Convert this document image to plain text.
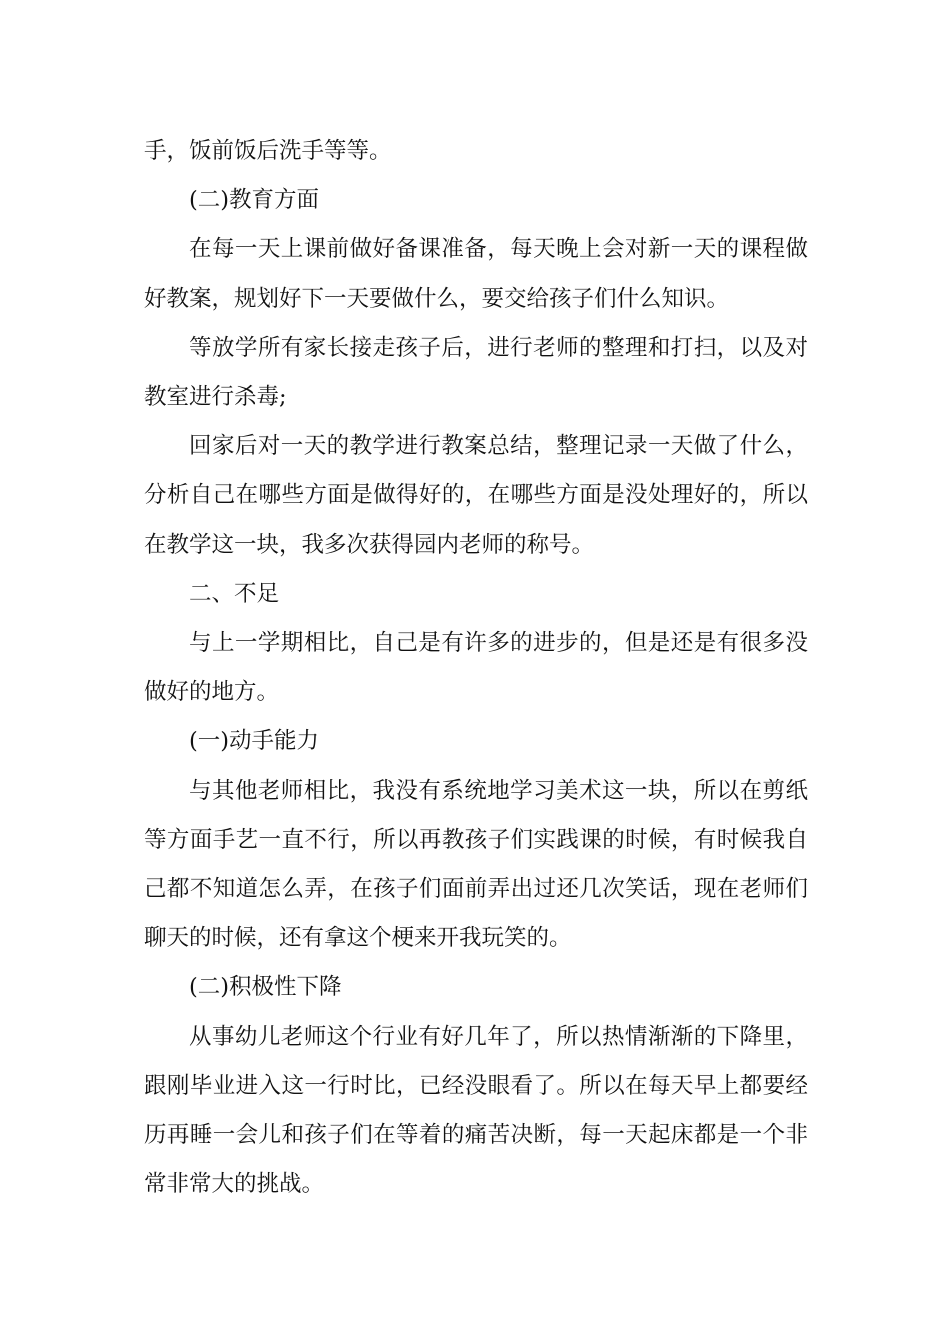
手，饭前饭后洗手等等。

(二)教育方面

在每一天上课前做好备课准备，每天晚上会对新一天的课程做好教案，规划好下一天要做什么，要交给孩子们什么知识。

等放学所有家长接走孩子后，进行老师的整理和打扫，以及对教室进行杀毒;

回家后对一天的教学进行教案总结，整理记录一天做了什么，分析自己在哪些方面是做得好的，在哪些方面是没处理好的，所以在教学这一块，我多次获得园内老师的称号。

二、不足

与上一学期相比，自己是有许多的进步的，但是还是有很多没做好的地方。

(一)动手能力

与其他老师相比，我没有系统地学习美术这一块，所以在剪纸等方面手艺一直不行，所以再教孩子们实践课的时候，有时候我自己都不知道怎么弄，在孩子们面前弄出过还几次笑话，现在老师们聊天的时候，还有拿这个梗来开我玩笑的。

(二)积极性下降

从事幼儿老师这个行业有好几年了，所以热情渐渐的下降里，跟刚毕业进入这一行时比，已经没眼看了。所以在每天早上都要经历再睡一会儿和孩子们在等着的痛苦决断，每一天起床都是一个非常非常大的挑战。
